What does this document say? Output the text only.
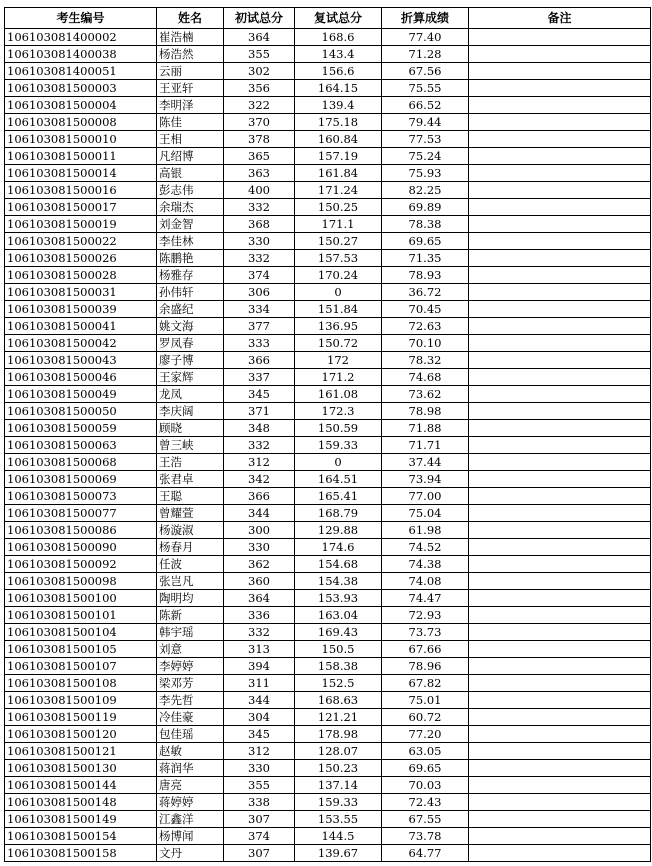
考生编号	姓名	初试总分	复试总分	折算成绩	备注
106103081400002	崔浩楠	364	168.6	77.40	
106103081400038	杨浩然	355	143.4	71.28	
106103081400051	云丽	302	156.6	67.56	
106103081500003	王亚轩	356	164.15	75.55	
106103081500004	李明泽	322	139.4	66.52	
106103081500008	陈佳	370	175.18	79.44	
106103081500010	王相	378	160.84	77.53	
106103081500011	凡绍博	365	157.19	75.24	
106103081500014	高银	363	161.84	75.93	
106103081500016	彭志伟	400	171.24	82.25	
106103081500017	余瑞杰	332	150.25	69.89	
106103081500019	刘金智	368	171.1	78.38	
106103081500022	李佳林	330	150.27	69.65	
106103081500026	陈鹏艳	332	157.53	71.35	
106103081500028	杨雅存	374	170.24	78.93	
106103081500031	孙伟轩	306	0	36.72	
106103081500039	余盛纪	334	151.84	70.45	
106103081500041	姚文海	377	136.95	72.63	
106103081500042	罗凤春	333	150.72	70.10	
106103081500043	廖子博	366	172	78.32	
106103081500046	王家辉	337	171.2	74.68	
106103081500049	龙凤	345	161.08	73.62	
106103081500050	李庆阔	371	172.3	78.98	
106103081500059	顾晓	348	150.59	71.88	
106103081500063	曾三峡	332	159.33	71.71	
106103081500068	王浩	312	0	37.44	
106103081500069	张君卓	342	164.51	73.94	
106103081500073	王聪	366	165.41	77.00	
106103081500077	曾耀萱	344	168.79	75.04	
106103081500086	杨漩淑	300	129.88	61.98	
106103081500090	杨春月	330	174.6	74.52	
106103081500092	任波	362	154.68	74.38	
106103081500098	张岂凡	360	154.38	74.08	
106103081500100	陶明均	364	153.93	74.47	
106103081500101	陈新	336	163.04	72.93	
106103081500104	韩宇瑶	332	169.43	73.73	
106103081500105	刘意	313	150.5	67.66	
106103081500107	李婷婷	394	158.38	78.96	
106103081500108	梁邓芳	311	152.5	67.82	
106103081500109	李先哲	344	168.63	75.01	
106103081500119	冷佳豪	304	121.21	60.72	
106103081500120	包佳瑶	345	178.98	77.20	
106103081500121	赵敏	312	128.07	63.05	
106103081500130	蒋润华	330	150.23	69.65	
106103081500144	唐亮	355	137.14	70.03	
106103081500148	蒋婷婷	338	159.33	72.43	
106103081500149	江鑫洋	307	153.55	67.55	
106103081500154	杨博闻	374	144.5	73.78	
106103081500158	文丹	307	139.67	64.77	
